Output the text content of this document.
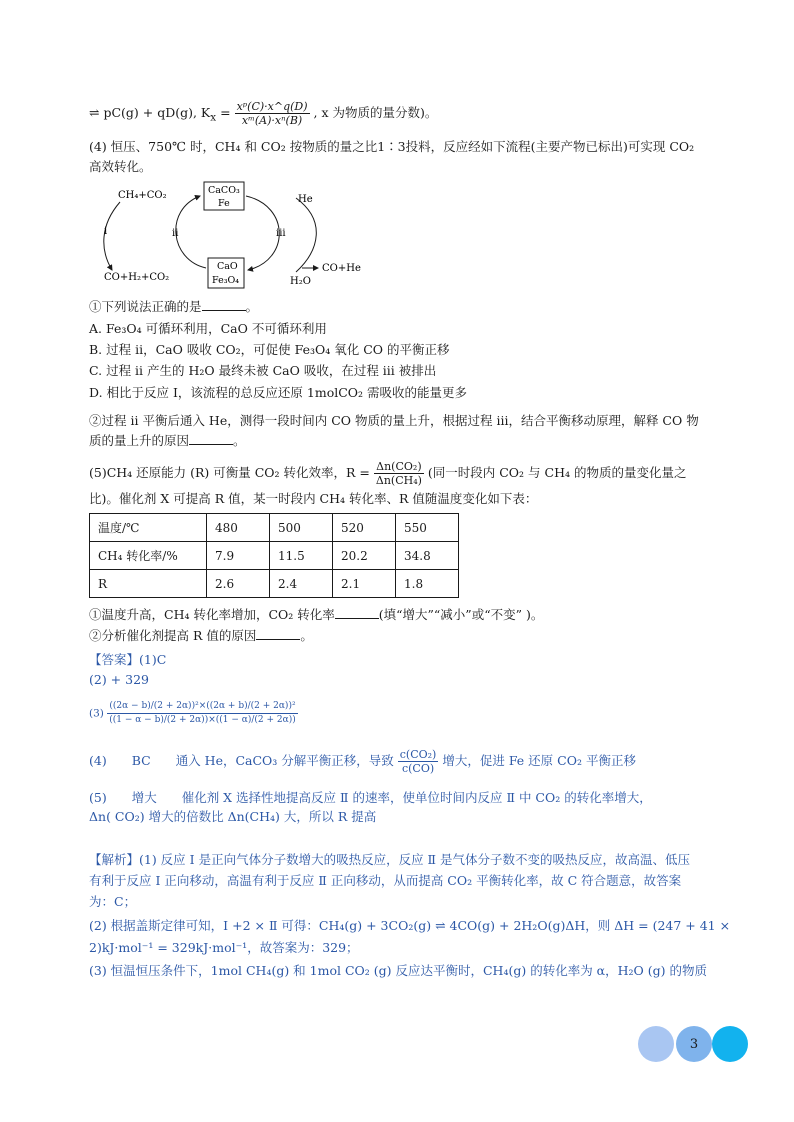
⇌ pC(g) + qD(g), $K_x = \frac{\text{xᵖ(C)·x\textasciicircum{}q(D)}}{\text{xᵐ(A)·xⁿ(B)}}$ , x 为物质的量分数)。
(4) 恒压、750℃ 时，CH₄ 和 CO₂ 按物质的量之比1∶3投料，反应经如下流程(主要产物已标出)可实现 CO₂
高效转化。
CH₄+CO₂
CO+H₂+CO₂
i
CaCO₃
Fe
CaO
Fe₃O₄
ii	iii
He
H₂O
CO+He
①下列说法正确的是	。
A. Fe₃O₄ 可循环利用，CaO 不可循环利用
B. 过程 ii，CaO 吸收 CO₂，可促使 Fe₃O₄ 氧化 CO 的平衡正移
C. 过程 ii 产生的 H₂O 最终未被 CaO 吸收，在过程 iii 被排出
D. 相比于反应 Ⅰ，该流程的总反应还原 1molCO₂ 需吸收的能量更多
②过程 ii 平衡后通入 He，测得一段时间内 CO 物质的量上升，根据过程 iii，结合平衡移动原理，解释 CO 物
质的量上升的原因	。
(5)CH₄ 还原能力 (R) 可衡量 CO₂ 转化效率，$R = \frac{\text{Δn(CO₂)}}{\text{Δn(CH₄)}}$ (同一时段内 CO₂ 与 CH₄ 的物质的量变化量之
比)。催化剂 X 可提高 R 值，某一时段内 CH₄ 转化率、R 值随温度变化如下表：
温度/℃	480	500	520	550
CH₄ 转化率/%	7.9	11.5	20.2	34.8
R	2.6	2.4	2.1	1.8
①温度升高，CH₄ 转化率增加，CO₂ 转化率	(填“增大”“减小”或“不变” )。
②分析催化剂提高 R 值的原因	。
【答案】(1)C
(2) + 329
$(3) \frac{\text{((2α − b)/(2 + 2α))²×((2α + b)/(2 + 2α))²}}{((1 - \alpha - b)/(2 + 2\alpha))\times((1 - \alpha)/(2 + 2\alpha))}$
(4)　　BC　　通入 He，CaCO₃ 分解平衡正移，导致 $\frac{\text{c(CO₂)}}{c(CO)}$ 增大，促进 Fe 还原 CO₂ 平衡正移
(5)　　增大　　催化剂 X 选择性地提高反应 Ⅱ 的速率，使单位时间内反应 Ⅱ 中 CO₂ 的转化率增大，
Δn( CO₂) 增大的倍数比 Δn(CH₄) 大，所以 R 提高
【解析】(1) 反应 Ⅰ 是正向气体分子数增大的吸热反应，反应 Ⅱ 是气体分子数不变的吸热反应，故高温、低压
有利于反应 Ⅰ 正向移动，高温有利于反应 Ⅱ 正向移动，从而提高 CO₂ 平衡转化率，故 C 符合题意，故答案
为：C；
(2) 根据盖斯定律可知，Ⅰ +2 × Ⅱ 可得：CH₄(g) + 3CO₂(g) ⇌ 4CO(g) + 2H₂O(g)ΔH，则 ΔH = (247 + 41 ×
2)kJ·mol⁻¹ = 329kJ·mol⁻¹，故答案为：329；
(3) 恒温恒压条件下，1mol CH₄(g) 和 1mol CO₂ (g) 反应达平衡时，CH₄(g) 的转化率为 α，H₂O (g) 的物质
3
